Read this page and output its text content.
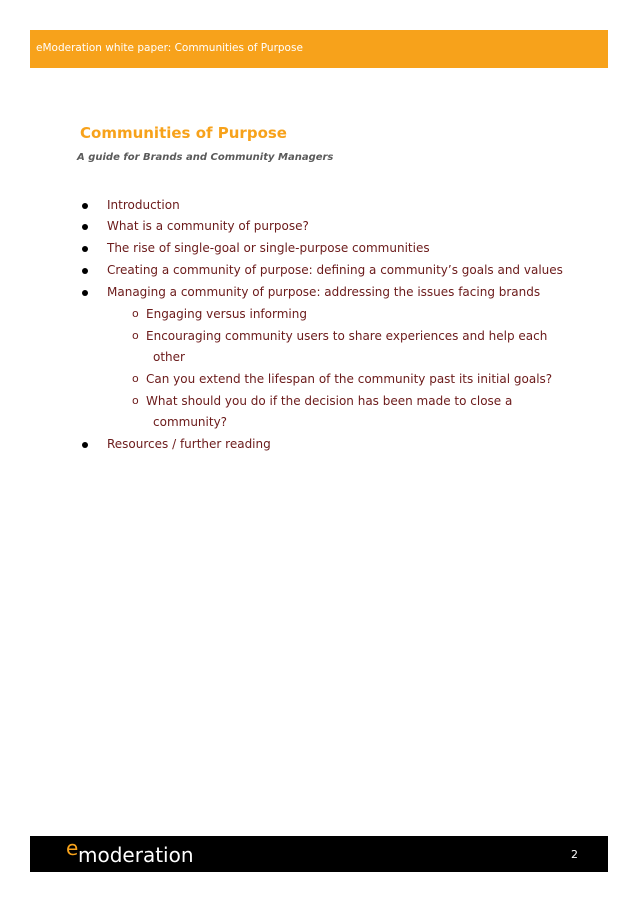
eModeration white paper: Communities of Purpose
Communities of Purpose
A guide for Brands and Community Managers
Introduction
What is a community of purpose?
The rise of single-goal or single-purpose communities
Creating a community of purpose: defining a community’s goals and values
Managing a community of purpose: addressing the issues facing brands
o Engaging versus informing
o Encouraging community users to share experiences and help each
other
o Can you extend the lifespan of the community past its initial goals?
o What should you do if the decision has been made to close a
community?
Resources / further reading
e moderation	2
